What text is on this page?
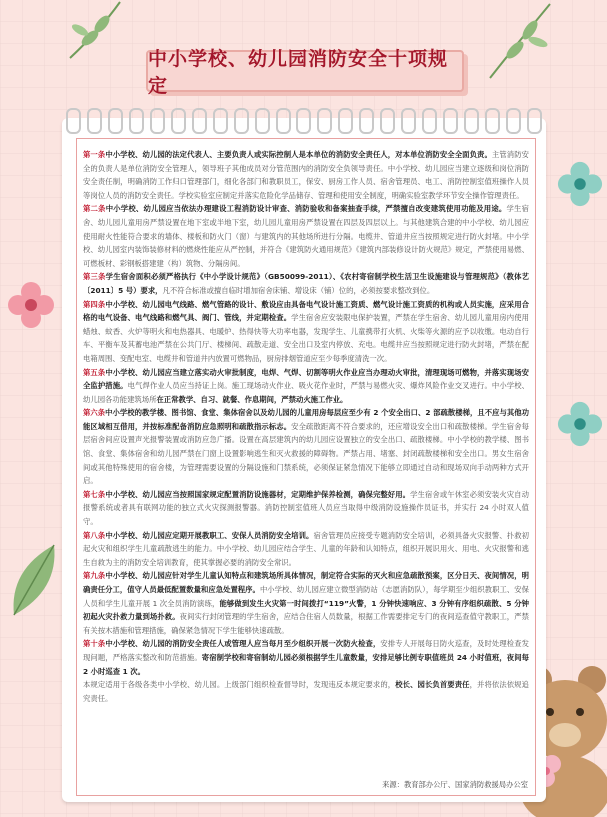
中小学校、幼儿园消防安全十项规定

第一条中小学校、幼儿园的法定代表人、主要负责人或实际控制人是本单位的消防安全责任人，对本单位消防安全全面负责。主管消防安全的负责人是单位消防安全管理人，领导班子其他成员对分管范围内的消防安全负领导责任。中小学校、幼儿园应当建立逐级和岗位消防安全责任制，明确消防工作归口管理部门，细化各部门和教职员工，保安、厨房工作人员、宿舍管理员、电工、消防控制室值班操作人员等岗位人员的消防安全责任。学校实验室应制定并落实危险化学品储存、管理和使用安全制度，明确实验室教学环节安全操作管理责任。

第二条中小学校、幼儿园应当依法办理建设工程消防设计审查、消防验收和备案抽查手续，严禁擅自改变建筑使用功能及用途。学生宿舍、幼儿园儿童用房严禁设置在地下室或半地下室，幼儿园儿童用房严禁设置在四层及四层以上。与其他建筑合建的中小学校、幼儿园应使用耐火性能符合要求的墙体、楼板和防火门（窗）与建筑内的其他场所进行分隔。电缆井、管道井应当按照规定进行防火封堵。中小学校、幼儿园室内装饰装修材料的燃烧性能应从严控制，并符合《建筑防火通用规范》《建筑内部装修设计防火规范》规定，严禁使用易燃、可燃板材、彩钢板搭建建（构）筑物、分隔房间。

第三条学生宿舍面积必须严格执行《中小学设计规范》（GB50099-2011）、《农村寄宿制学校生活卫生设施建设与管理规范》（教体艺〔2011〕5 号）要求，凡不符合标准或擅自临时增加宿舍床铺、增设床（铺）位的，必须按要求整改到位。

第四条中小学校、幼儿园电气线路、燃气管路的设计、敷设应由具备电气设计施工资质、燃气设计施工资质的机构或人员实施，应采用合格的电气设备、电气线路和燃气具、阀门、管线，并定期检查。学生宿舍应安装限电保护装置，严禁在学生宿舍、幼儿园儿童用房内使用蜡烛、蚊香、火炉等明火和电热器具、电暖炉、热得快等大功率电器，发现学生、儿童携带打火机、火柴等火源的应予以收缴。电动自行车、平衡车及其蓄电池严禁在公共门厅、楼梯间、疏散走道、安全出口及室内停放、充电。电缆井应当按照规定进行防火封堵，严禁在配电箱周围、变配电室、电缆井和管道井内放置可燃物品，厨房排烟管道应至少每季度清洗一次。

第五条中小学校、幼儿园应当建立落实动火审批制度，电焊、气焊、切割等明火作业应当办理动火审批，清理现场可燃物，并落实现场安全监护措施。电气焊作业人员应当持证上岗。施工现场动火作业、吸火花作业时，严禁与易燃火灾、爆炸风险作业交叉进行。中小学校、幼儿园各功能建筑场所在正常教学、自习、就餐、作息期间，严禁动火施工作业。

第六条中小学校的教学楼、图书馆、食堂、集体宿舍以及幼儿园的儿童用房每层应至少有 2 个安全出口、2 部疏散楼梯，且不应与其他功能区域相互借用，并按标准配备消防应急照明和疏散指示标志。安全疏散距离不符合要求的，还应增设安全出口和疏散楼梯。学生宿舍每层宿舍间应设置声光报警装置或消防应急广播。设置在高层建筑内的幼儿园应设置独立的安全出口、疏散楼梯。中小学校的教学楼、图书馆、食堂、集体宿舍和幼儿园严禁在门窗上设置影响逃生和灭火救援的障碍物。严禁占用、堵塞、封闭疏散楼梯和安全出口。男女生宿舍间或其他特殊使用的宿舍楼，为管理需要设置的分隔设施和门禁系统，必须保证紧急情况下能够立即通过自动和现场双向手动两种方式开启。

第七条中小学校、幼儿园应当按照国家规定配置消防设施器材，定期维护保养检测，确保完整好用。学生宿舍或午休室必须安装火灾自动报警系统或者具有联网功能的独立式火灾探测报警器。消防控制室值班人员应当取得中级消防设施操作员证书，并实行 24 小时双人值守。

第八条中小学校、幼儿园应定期开展教职工、安保人员消防安全培训。宿舍管理员应接受专题消防安全培训，必须具备火灾报警、扑救初起火灾和组织学生儿童疏散逃生的能力。中小学校、幼儿园应结合学生、儿童的年龄和认知特点，组织开展识用火、用电、火灾报警和逃生自救为主的消防安全培训教育，使其掌握必要的消防安全常识。

第九条中小学校、幼儿园应针对学生儿童认知特点和建筑场所具体情况，制定符合实际的灭火和应急疏散预案，区分日天、夜间情况，明确责任分工，值守人员最低配置数量和应急处置程序。中小学校、幼儿园应建立微型消防站（志愿消防队），每学期至少组织教职工、安保人员和学生儿童开展 1 次全员消防演练，能够做到发生火灾第一时间拨打“119”火警，1 分钟快速响应、3 分钟有序组织疏散、5 分钟初起火灾扑救力量到场扑救。夜间实行封闭管理的学生宿舍，应结合住宿人员数量，根据工作需要排定专门的夜间巡查值守教职工，严禁有关按木措施和管理措施，确保紧急情况下学生能够快速疏散。

第十条中小学校、幼儿园的消防安全责任人或管理人应当每月至少组织开展一次防火检查，安排专人开展每日防火巡查，及时处理检查发现问题，严格落实整改和防范措施。寄宿制学校和寄宿制幼儿园必须根据学生儿童数量，安排足够比例专职值班员 24 小时值班，夜间每 2 小时巡查 1 次。

本规定适用于各级各类中小学校、幼儿园。上级部门组织检查督导时，发现违反本规定要求的，校长、园长负首要责任，并将依法依规追究责任。

来源：教育部办公厅、国家消防救援局办公室
